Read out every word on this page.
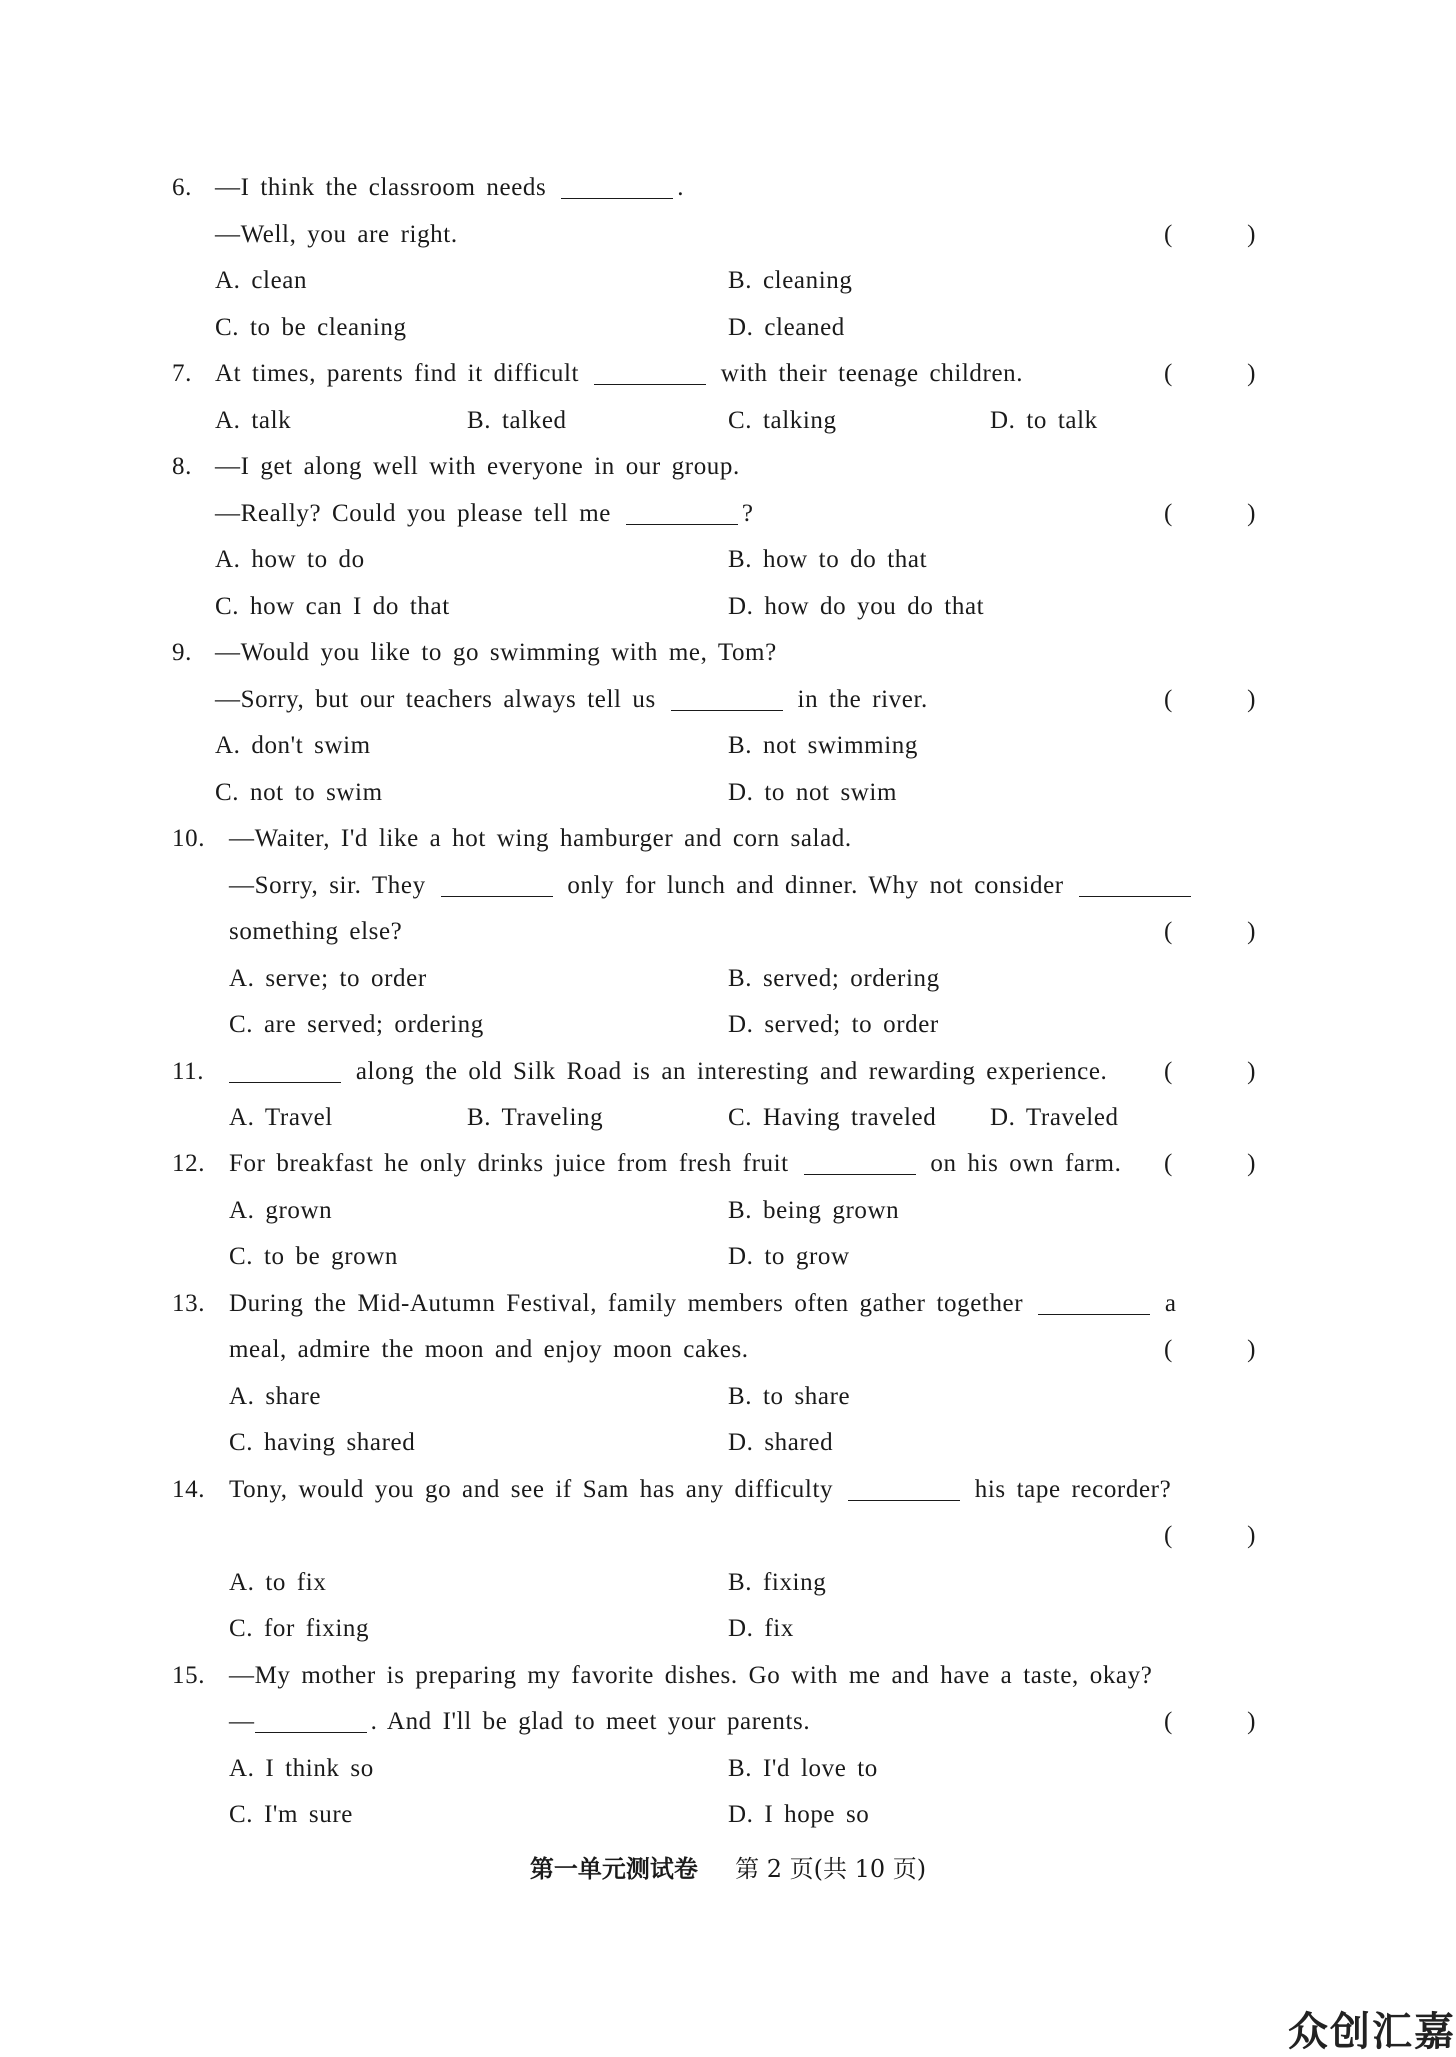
6. —I think the classroom needs	.
—Well, you are right.	(	)
A. clean	B. cleaning
C. to be cleaning	D. cleaned
7. At times, parents find it difficult	with their teenage children.	(	)
A. talk	B. talked	C. talking	D. to talk
8. —I get along well with everyone in our group.
—Really? Could you please tell me	?	(	)
A. how to do	B. how to do that
C. how can I do that	D. how do you do that
9. —Would you like to go swimming with me, Tom?
—Sorry, but our teachers always tell us	in the river.	(	)
A. don't swim	B. not swimming
C. not to swim	D. to not swim
10. —Waiter, I'd like a hot wing hamburger and corn salad.
—Sorry, sir. They	only for lunch and dinner. Why not consider
something else?	(	)
A. serve; to order	B. served; ordering
C. are served; ordering	D. served; to order
11.	along the old Silk Road is an interesting and rewarding experience. (	)
A. Travel	B. Traveling	C. Having traveled D. Traveled
12. For breakfast he only drinks juice from fresh fruit	on his own farm. (	)
A. grown	B. being grown
C. to be grown	D. to grow
13. During the Mid-Autumn Festival, family members often gather together	a
meal, admire the moon and enjoy moon cakes.	(	)
A. share	B. to share
C. having shared	D. shared
14. Tony, would you go and see if Sam has any difficulty	his tape recorder?
(	)
A. to fix	B. fixing
C. for fixing	D. fix
15. —My mother is preparing my favorite dishes. Go with me and have a taste, okay?
—	. And I'll be glad to meet your parents.	(	)
A. I think so	B. I'd love to
C. I'm sure	D. I hope so
第一单元测试卷 第 2 页(共 10 页)
众创汇嘉
